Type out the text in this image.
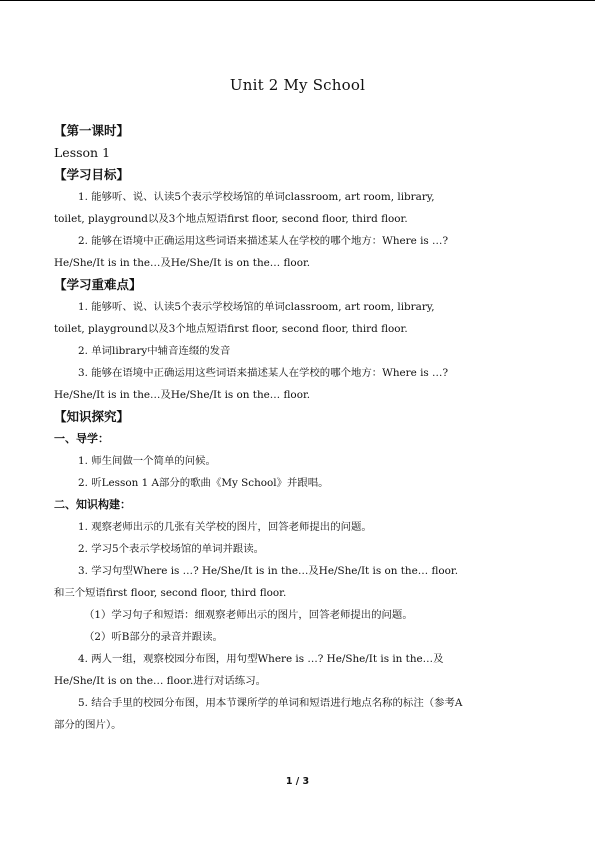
Unit 2 My School
【第一课时】
Lesson 1
【学习目标】
1. 能够听、说、认读5个表示学校场馆的单词classroom, art room, library,
toilet, playground以及3个地点短语first floor, second floor, third floor.
2. 能够在语境中正确运用这些词语来描述某人在学校的哪个地方：Where is …?
He/She/It is in the…及He/She/It is on the… floor.
【学习重难点】
1. 能够听、说、认读5个表示学校场馆的单词classroom, art room, library,
toilet, playground以及3个地点短语first floor, second floor, third floor.
2. 单词library中辅音连缀的发音
3. 能够在语境中正确运用这些词语来描述某人在学校的哪个地方：Where is …?
He/She/It is in the…及He/She/It is on the… floor.
【知识探究】
一、导学：
1. 师生间做一个简单的问候。
2. 听Lesson 1 A部分的歌曲《My School》并跟唱。
二、知识构建：
1. 观察老师出示的几张有关学校的图片，回答老师提出的问题。
2. 学习5个表示学校场馆的单词并跟读。
3. 学习句型Where is …? He/She/It is in the…及He/She/It is on the… floor.
和三个短语first floor, second floor, third floor.
（1）学习句子和短语：细观察老师出示的图片，回答老师提出的问题。
（2）听B部分的录音并跟读。
4. 两人一组，观察校园分布图，用句型Where is …? He/She/It is in the…及
He/She/It is on the… floor.进行对话练习。
5. 结合手里的校园分布图，用本节课所学的单词和短语进行地点名称的标注（参考A
部分的图片）。
1 / 3
